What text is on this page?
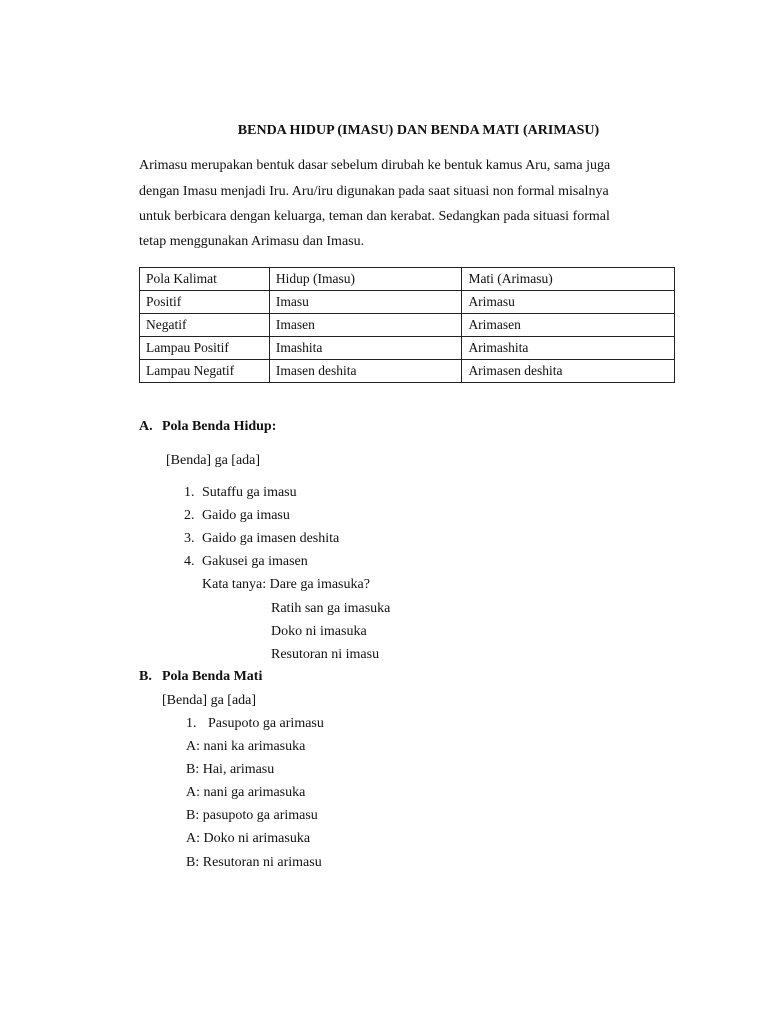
BENDA HIDUP (IMASU) DAN BENDA MATI (ARIMASU)
Arimasu merupakan bentuk dasar sebelum dirubah ke bentuk kamus Aru, sama juga
dengan Imasu menjadi Iru. Aru/iru digunakan pada saat situasi non formal misalnya
untuk berbicara dengan keluarga, teman dan kerabat. Sedangkan pada situasi formal
tetap menggunakan Arimasu dan Imasu.
Pola Kalimat	Hidup (Imasu)	Mati (Arimasu)
Positif	Imasu	Arimasu
Negatif	Imasen	Arimasen
Lampau Positif	Imashita	Arimashita
Lampau Negatif	Imasen deshita	Arimasen deshita
A. Pola Benda Hidup:
[Benda] ga [ada]
1. Sutaffu ga imasu
2. Gaido ga imasu
3. Gaido ga imasen deshita
4. Gakusei ga imasen
Kata tanya: Dare ga imasuka?
Ratih san ga imasuka
Doko ni imasuka
Resutoran ni imasu
B. Pola Benda Mati
[Benda] ga [ada]
1. Pasupoto ga arimasu
A: nani ka arimasuka
B: Hai, arimasu
A: nani ga arimasuka
B: pasupoto ga arimasu
A: Doko ni arimasuka
B: Resutoran ni arimasu
